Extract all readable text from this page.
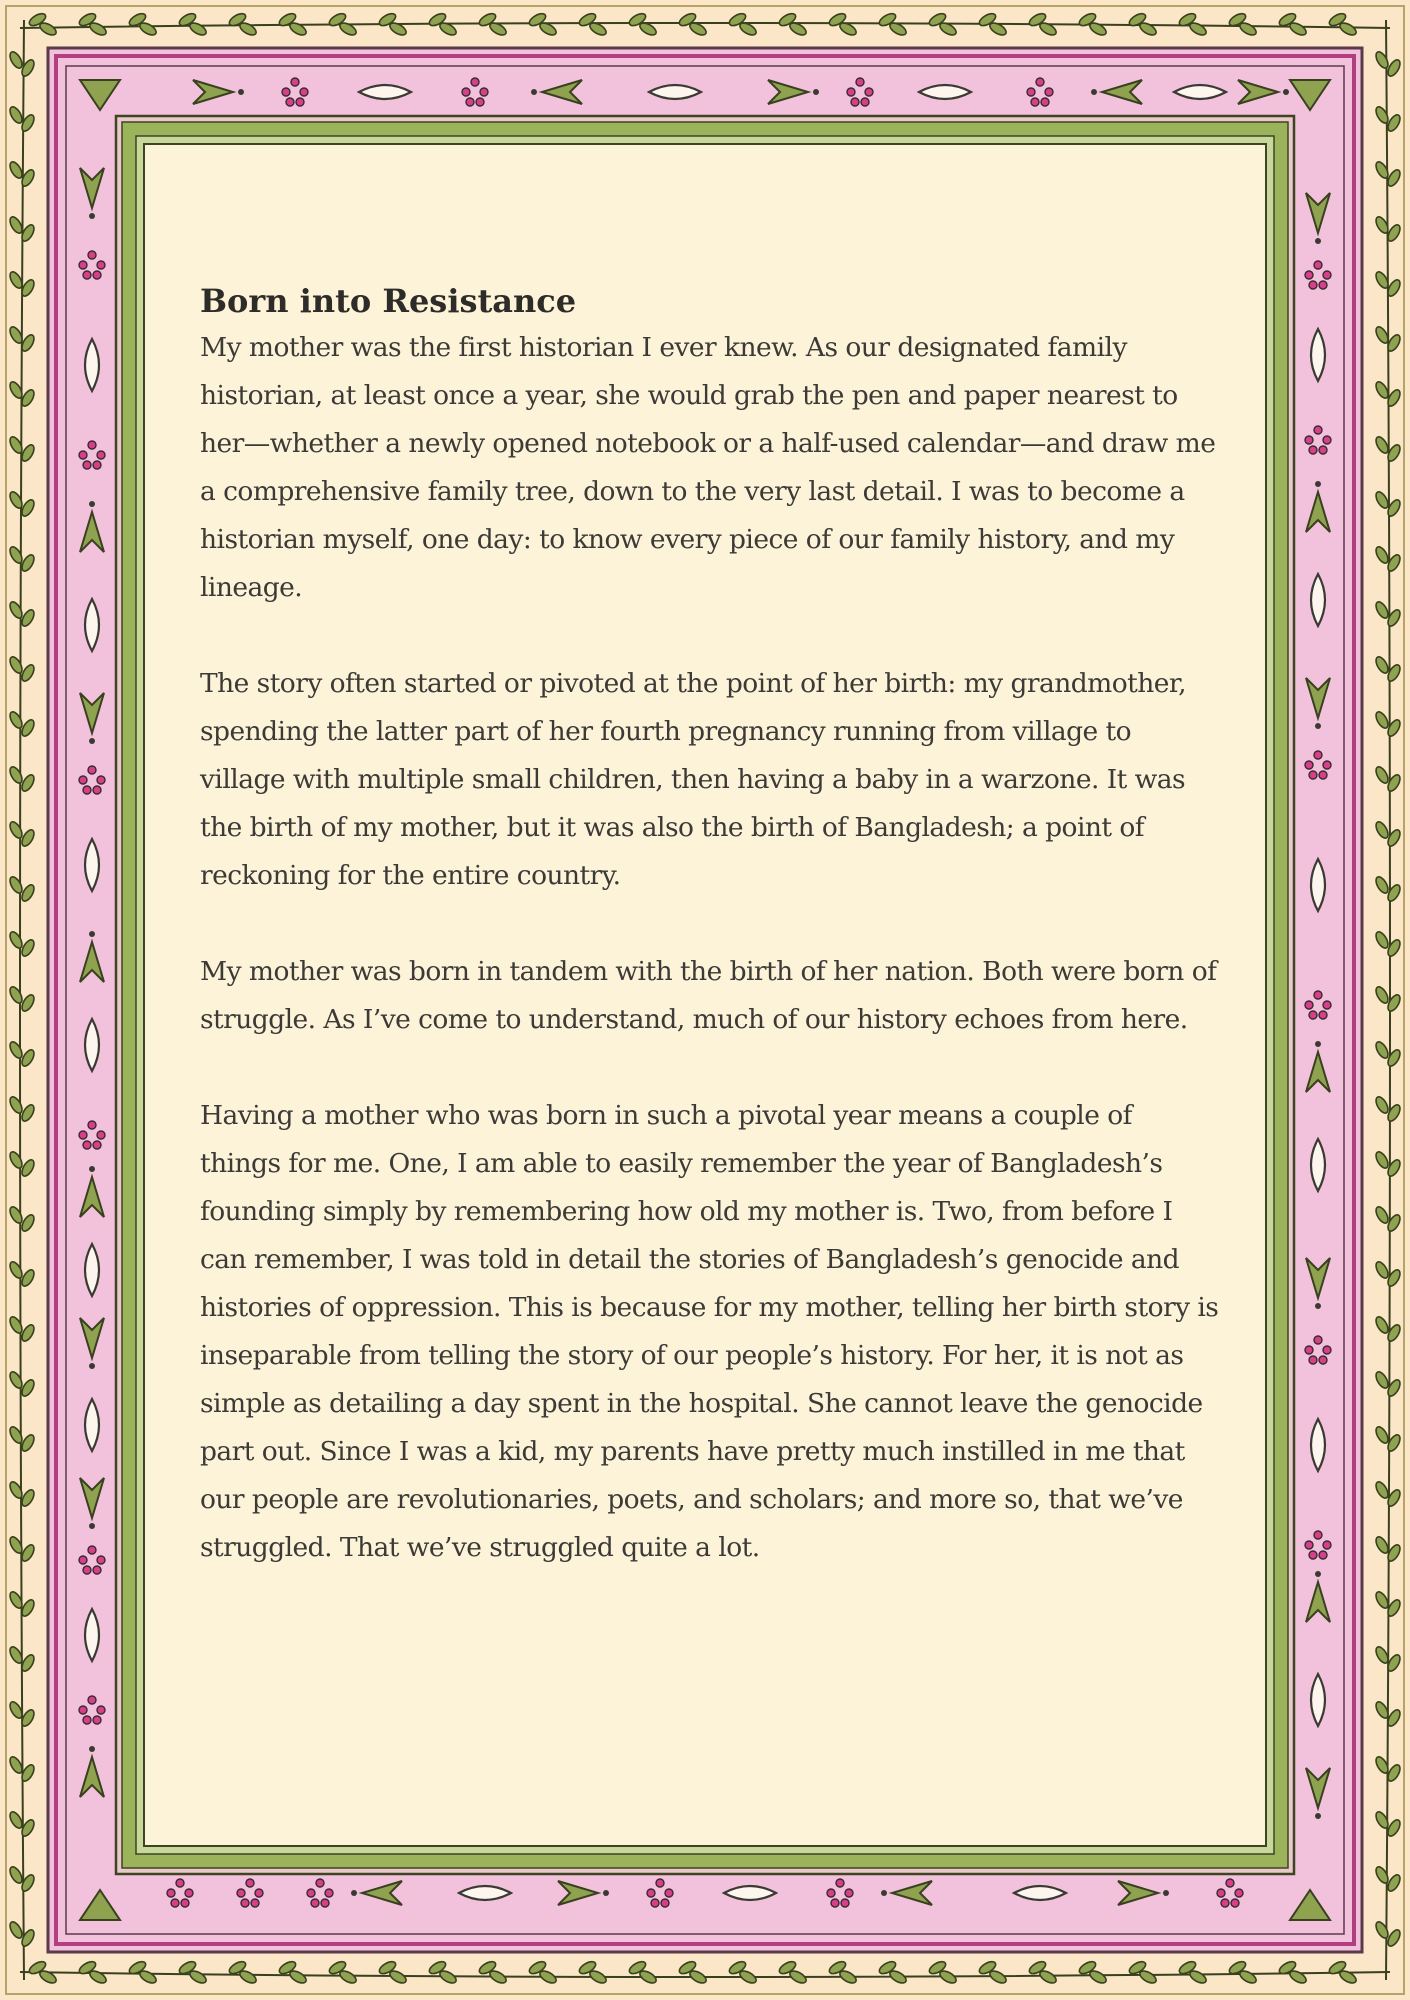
Born into Resistance

My mother was the first historian I ever knew. As our designated family historian, at least once a year, she would grab the pen and paper nearest to her—whether a newly opened notebook or a half-used calendar—and draw me a comprehensive family tree, down to the very last detail. I was to become a historian myself, one day: to know every piece of our family history, and my lineage.

The story often started or pivoted at the point of her birth: my grandmother, spending the latter part of her fourth pregnancy running from village to village with multiple small children, then having a baby in a warzone. It was the birth of my mother, but it was also the birth of Bangladesh; a point of reckoning for the entire country.

My mother was born in tandem with the birth of her nation. Both were born of struggle. As I’ve come to understand, much of our history echoes from here.

Having a mother who was born in such a pivotal year means a couple of things for me. One, I am able to easily remember the year of Bangladesh’s founding simply by remembering how old my mother is. Two, from before I can remember, I was told in detail the stories of Bangladesh’s genocide and histories of oppression. This is because for my mother, telling her birth story is inseparable from telling the story of our people’s history. For her, it is not as simple as detailing a day spent in the hospital. She cannot leave the genocide part out. Since I was a kid, my parents have pretty much instilled in me that our people are revolutionaries, poets, and scholars; and more so, that we’ve struggled. That we’ve struggled quite a lot.
